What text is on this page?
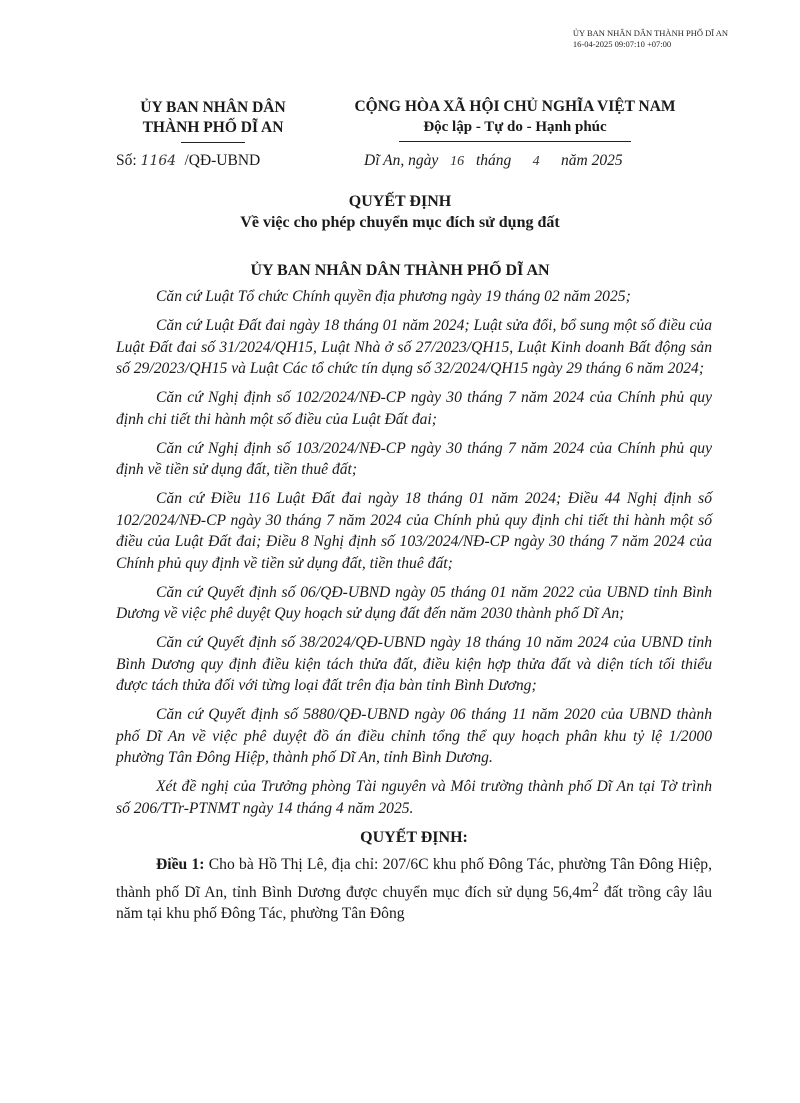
ỦY BAN NHÂN DÂN THÀNH PHỐ DĨ AN
16-04-2025 09:07:10 +07:00
ỦY BAN NHÂN DÂN
THÀNH PHỐ DĨ AN
CỘNG HÒA XÃ HỘI CHỦ NGHĨA VIỆT NAM
Độc lập - Tự do - Hạnh phúc
Số: 1164 /QĐ-UBND	Dĩ An, ngày 16 tháng 4 năm 2025
QUYẾT ĐỊNH
Về việc cho phép chuyển mục đích sử dụng đất
ỦY BAN NHÂN DÂN THÀNH PHỐ DĨ AN

Căn cứ Luật Tổ chức Chính quyền địa phương ngày 19 tháng 02 năm 2025;

Căn cứ Luật Đất đai ngày 18 tháng 01 năm 2024; Luật sửa đổi, bổ sung một số điều của Luật Đất đai số 31/2024/QH15, Luật Nhà ở số 27/2023/QH15, Luật Kinh doanh Bất động sản số 29/2023/QH15 và Luật Các tổ chức tín dụng số 32/2024/QH15 ngày 29 tháng 6 năm 2024;

Căn cứ Nghị định số 102/2024/NĐ-CP ngày 30 tháng 7 năm 2024 của Chính phủ quy định chi tiết thi hành một số điều của Luật Đất đai;

Căn cứ Nghị định số 103/2024/NĐ-CP ngày 30 tháng 7 năm 2024 của Chính phủ quy định về tiền sử dụng đất, tiền thuê đất;

Căn cứ Điều 116 Luật Đất đai ngày 18 tháng 01 năm 2024; Điều 44 Nghị định số 102/2024/NĐ-CP ngày 30 tháng 7 năm 2024 của Chính phủ quy định chi tiết thi hành một số điều của Luật Đất đai; Điều 8 Nghị định số 103/2024/NĐ-CP ngày 30 tháng 7 năm 2024 của Chính phủ quy định về tiền sử dụng đất, tiền thuê đất;

Căn cứ Quyết định số 06/QĐ-UBND ngày 05 tháng 01 năm 2022 của UBND tỉnh Bình Dương về việc phê duyệt Quy hoạch sử dụng đất đến năm 2030 thành phố Dĩ An;

Căn cứ Quyết định số 38/2024/QĐ-UBND ngày 18 tháng 10 năm 2024 của UBND tỉnh Bình Dương quy định điều kiện tách thửa đất, điều kiện hợp thửa đất và diện tích tối thiểu được tách thửa đối với từng loại đất trên địa bàn tỉnh Bình Dương;

Căn cứ Quyết định số 5880/QĐ-UBND ngày 06 tháng 11 năm 2020 của UBND thành phố Dĩ An về việc phê duyệt đồ án điều chỉnh tổng thể quy hoạch phân khu tỷ lệ 1/2000 phường Tân Đông Hiệp, thành phố Dĩ An, tỉnh Bình Dương.

Xét đề nghị của Trưởng phòng Tài nguyên và Môi trường thành phố Dĩ An tại Tờ trình số 206/TTr-PTNMT ngày 14 tháng 4 năm 2025.

QUYẾT ĐỊNH:

Điều 1: Cho bà Hồ Thị Lê, địa chỉ: 207/6C khu phố Đông Tác, phường Tân Đông Hiệp, thành phố Dĩ An, tỉnh Bình Dương được chuyển mục đích sử dụng $56,4m^2$ đất trồng cây lâu năm tại khu phố Đông Tác, phường Tân Đông
